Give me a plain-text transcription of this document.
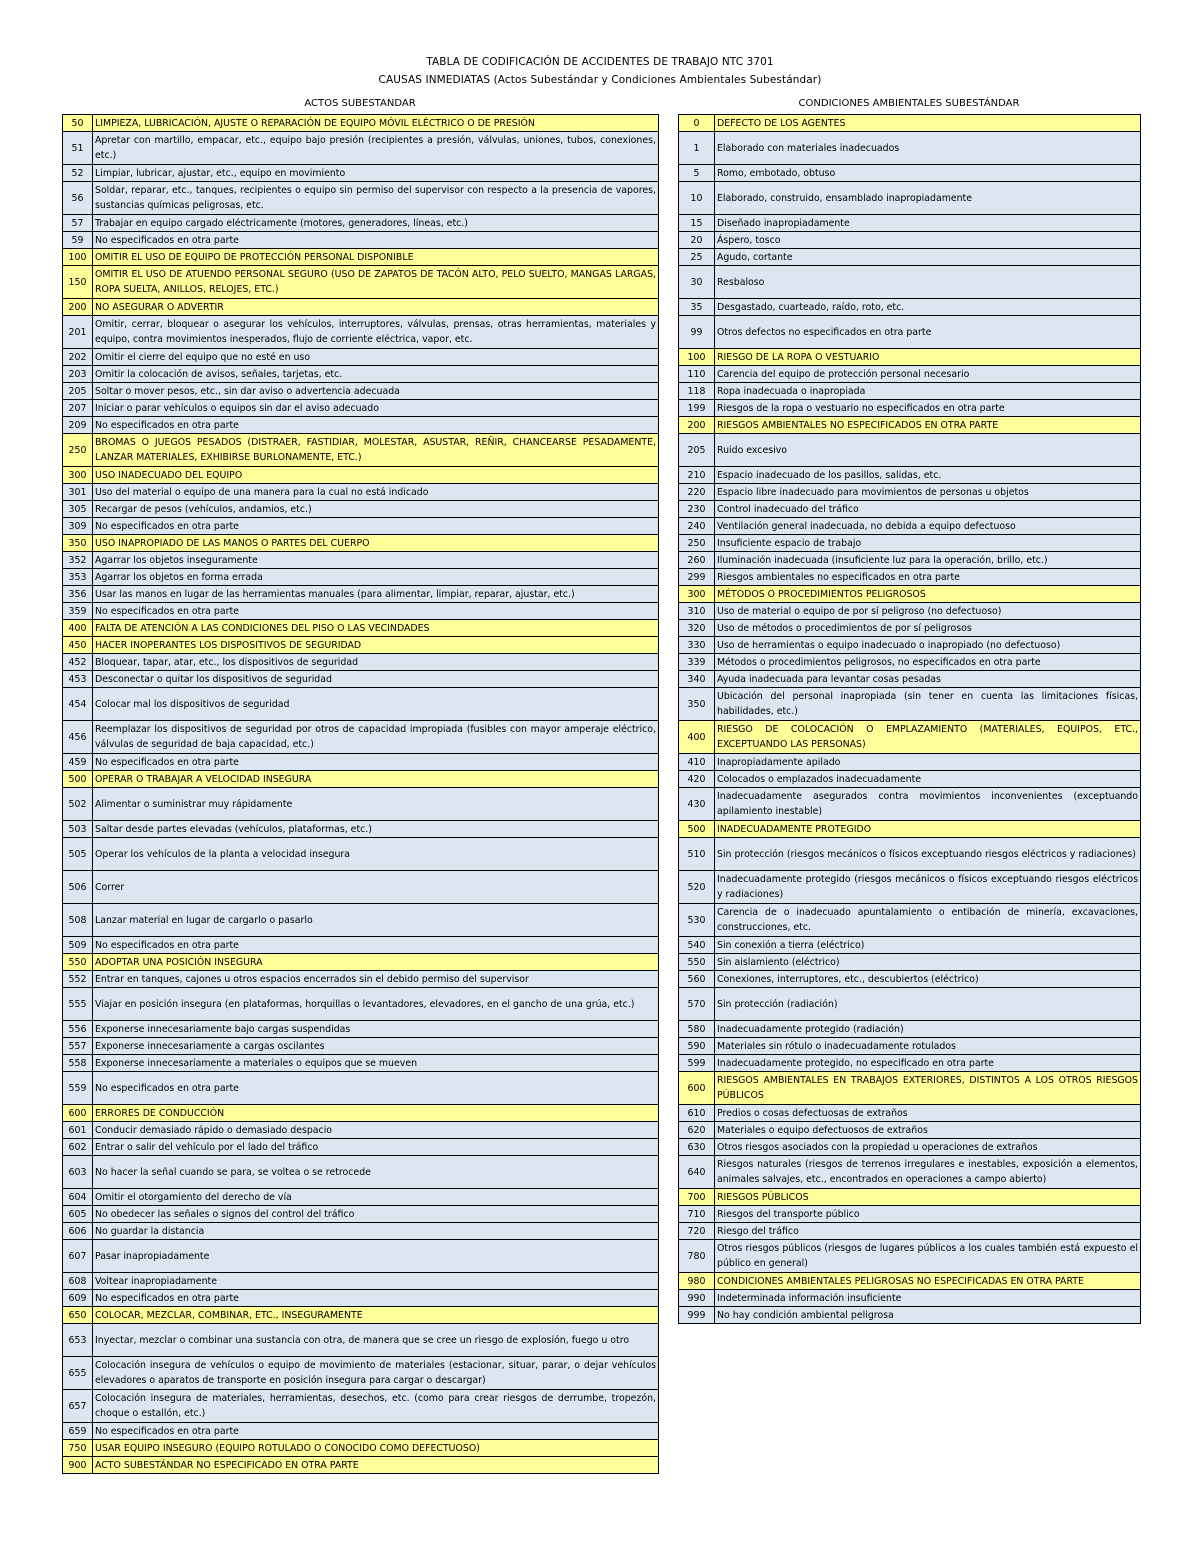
TABLA DE CODIFICACIÓN DE ACCIDENTES DE TRABAJO NTC 3701
CAUSAS INMEDIATAS (Actos Subestándar y Condiciones Ambientales Subestándar)
ACTOS SUBESTANDAR	CONDICIONES AMBIENTALES SUBESTÁNDAR
50	LIMPIEZA, LUBRICACIÓN, AJUSTE O REPARACIÓN DE EQUIPO MÓVIL ELÉCTRICO O DE PRESIÓN
51	Apretar con martillo, empacar, etc., equipo bajo presión (recipientes a presión, válvulas, uniones, tubos, conexiones, etc.)
52	Limpiar, lubricar, ajustar, etc., equipo en movimiento
56	Soldar, reparar, etc., tanques, recipientes o equipo sin permiso del supervisor con respecto a la presencia de vapores, sustancias químicas peligrosas, etc.
57	Trabajar en equipo cargado eléctricamente (motores, generadores, líneas, etc.)
59	No especificados en otra parte
100	OMITIR EL USO DE EQUIPO DE PROTECCIÓN PERSONAL DISPONIBLE
150	OMITIR EL USO DE ATUENDO PERSONAL SEGURO (USO DE ZAPATOS DE TACÓN ALTO, PELO SUELTO, MANGAS LARGAS, ROPA SUELTA, ANILLOS, RELOJES, ETC.)
200	NO ASEGURAR O ADVERTIR
201	Omitir, cerrar, bloquear o asegurar los vehículos, interruptores, válvulas, prensas, otras herramientas, materiales y equipo, contra movimientos inesperados, flujo de corriente eléctrica, vapor, etc.
202	Omitir el cierre del equipo que no esté en uso
203	Omitir la colocación de avisos, señales, tarjetas, etc.
205	Soltar o mover pesos, etc., sin dar aviso o advertencia adecuada
207	Iniciar o parar vehículos o equipos sin dar el aviso adecuado
209	No especificados en otra parte
250	BROMAS O JUEGOS PESADOS (DISTRAER, FASTIDIAR, MOLESTAR, ASUSTAR, REÑIR, CHANCEARSE PESADAMENTE, LANZAR MATERIALES, EXHIBIRSE BURLONAMENTE, ETC.)
300	USO INADECUADO DEL EQUIPO
301	Uso del material o equipo de una manera para la cual no está indicado
305	Recargar de pesos (vehículos, andamios, etc.)
309	No especificados en otra parte
350	USO INAPROPIADO DE LAS MANOS O PARTES DEL CUERPO
352	Agarrar los objetos inseguramente
353	Agarrar los objetos en forma errada
356	Usar las manos en lugar de las herramientas manuales (para alimentar, limpiar, reparar, ajustar, etc.)
359	No especificados en otra parte
400	FALTA DE ATENCIÓN A LAS CONDICIONES DEL PISO O LAS VECINDADES
450	HACER INOPERANTES LOS DISPOSITIVOS DE SEGURIDAD
452	Bloquear, tapar, atar, etc., los dispositivos de seguridad
453	Desconectar o quitar los dispositivos de seguridad
454	Colocar mal los dispositivos de seguridad
456	Reemplazar los dispositivos de seguridad por otros de capacidad impropiada (fusibles con mayor amperaje eléctrico, válvulas de seguridad de baja capacidad, etc.)
459	No especificados en otra parte
500	OPERAR O TRABAJAR A VELOCIDAD INSEGURA
502	Alimentar o suministrar muy rápidamente
503	Saltar desde partes elevadas (vehículos, plataformas, etc.)
505	Operar los vehículos de la planta a velocidad insegura
506	Correr
508	Lanzar material en lugar de cargarlo o pasarlo
509	No especificados en otra parte
550	ADOPTAR UNA POSICIÓN INSEGURA
552	Entrar en tanques, cajones u otros espacios encerrados sin el debido permiso del supervisor
555	Viajar en posición insegura (en plataformas, horquillas o levantadores, elevadores, en el gancho de una grúa, etc.)
556	Exponerse innecesariamente bajo cargas suspendidas
557	Exponerse innecesariamente a cargas oscilantes
558	Exponerse innecesariamente a materiales o equipos que se mueven
559	No especificados en otra parte
600	ERRORES DE CONDUCCIÓN
601	Conducir demasiado rápido o demasiado despacio
602	Entrar o salir del vehículo por el lado del tráfico
603	No hacer la señal cuando se para, se voltea o se retrocede
604	Omitir el otorgamiento del derecho de vía
605	No obedecer las señales o signos del control del tráfico
606	No guardar la distancia
607	Pasar inapropiadamente
608	Voltear inapropiadamente
609	No especificados en otra parte
650	COLOCAR, MEZCLAR, COMBINAR, ETC., INSEGURAMENTE
653	Inyectar, mezclar o combinar una sustancia con otra, de manera que se cree un riesgo de explosión, fuego u otro
655	Colocación insegura de vehículos o equipo de movimiento de materiales (estacionar, situar, parar, o dejar vehículos elevadores o aparatos de transporte en posición insegura para cargar o descargar)
657	Colocación insegura de materiales, herramientas, desechos, etc. (como para crear riesgos de derrumbe, tropezón, choque o estallón, etc.)
659	No especificados en otra parte
750	USAR EQUIPO INSEGURO (EQUIPO ROTULADO O CONOCIDO COMO DEFECTUOSO)
900	ACTO SUBESTÁNDAR NO ESPECIFICADO EN OTRA PARTE
0	DEFECTO DE LOS AGENTES
1	Elaborado con materiales inadecuados
5	Romo, embotado, obtuso
10	Elaborado, construido, ensamblado inapropiadamente
15	Diseñado inapropiadamente
20	Áspero, tosco
25	Agudo, cortante
30	Resbaloso
35	Desgastado, cuarteado, raído, roto, etc.
99	Otros defectos no especificados en otra parte
100	RIESGO DE LA ROPA O VESTUARIO
110	Carencia del equipo de protección personal necesario
118	Ropa inadecuada o inapropiada
199	Riesgos de la ropa o vestuario no especificados en otra parte
200	RIESGOS AMBIENTALES NO ESPECIFICADOS EN OTRA PARTE
205	Ruido excesivo
210	Espacio inadecuado de los pasillos, salidas, etc.
220	Espacio libre inadecuado para movimientos de personas u objetos
230	Control inadecuado del tráfico
240	Ventilación general inadecuada, no debida a equipo defectuoso
250	Insuficiente espacio de trabajo
260	Iluminación inadecuada (insuficiente luz para la operación, brillo, etc.)
299	Riesgos ambientales no especificados en otra parte
300	MÉTODOS O PROCEDIMIENTOS PELIGROSOS
310	Uso de material o equipo de por sí peligroso (no defectuoso)
320	Uso de métodos o procedimientos de por sí peligrosos
330	Uso de herramientas o equipo inadecuado o inapropiado (no defectuoso)
339	Métodos o procedimientos peligrosos, no especificados en otra parte
340	Ayuda inadecuada para levantar cosas pesadas
350	Ubicación del personal inapropiada (sin tener en cuenta las limitaciones físicas, habilidades, etc.)
400	RIESGO DE COLOCACIÓN O EMPLAZAMIENTO (MATERIALES, EQUIPOS, ETC., EXCEPTUANDO LAS PERSONAS)
410	Inapropiadamente apilado
420	Colocados o emplazados inadecuadamente
430	Inadecuadamente asegurados contra movimientos inconvenientes (exceptuando apilamiento inestable)
500	INADECUADAMENTE PROTEGIDO
510	Sin protección (riesgos mecánicos o físicos exceptuando riesgos eléctricos y radiaciones)
520	Inadecuadamente protegido (riesgos mecánicos o físicos exceptuando riesgos eléctricos y radiaciones)
530	Carencia de o inadecuado apuntalamiento o entibación de minería, excavaciones, construcciones, etc.
540	Sin conexión a tierra (eléctrico)
550	Sin aislamiento (eléctrico)
560	Conexiones, interruptores, etc., descubiertos (eléctrico)
570	Sin protección (radiación)
580	Inadecuadamente protegido (radiación)
590	Materiales sin rótulo o inadecuadamente rotulados
599	Inadecuadamente protegido, no especificado en otra parte
600	RIESGOS AMBIENTALES EN TRABAJOS EXTERIORES, DISTINTOS A LOS OTROS RIESGOS PÚBLICOS
610	Predios o cosas defectuosas de extraños
620	Materiales o equipo defectuosos de extraños
630	Otros riesgos asociados con la propiedad u operaciones de extraños
640	Riesgos naturales (riesgos de terrenos irregulares e inestables, exposición a elementos, animales salvajes, etc., encontrados en operaciones a campo abierto)
700	RIESGOS PÚBLICOS
710	Riesgos del transporte público
720	Riesgo del tráfico
780	Otros riesgos públicos (riesgos de lugares públicos a los cuales también está expuesto el público en general)
980	CONDICIONES AMBIENTALES PELIGROSAS NO ESPECIFICADAS EN OTRA PARTE
990	Indeterminada información insuficiente
999	No hay condición ambiental peligrosa
